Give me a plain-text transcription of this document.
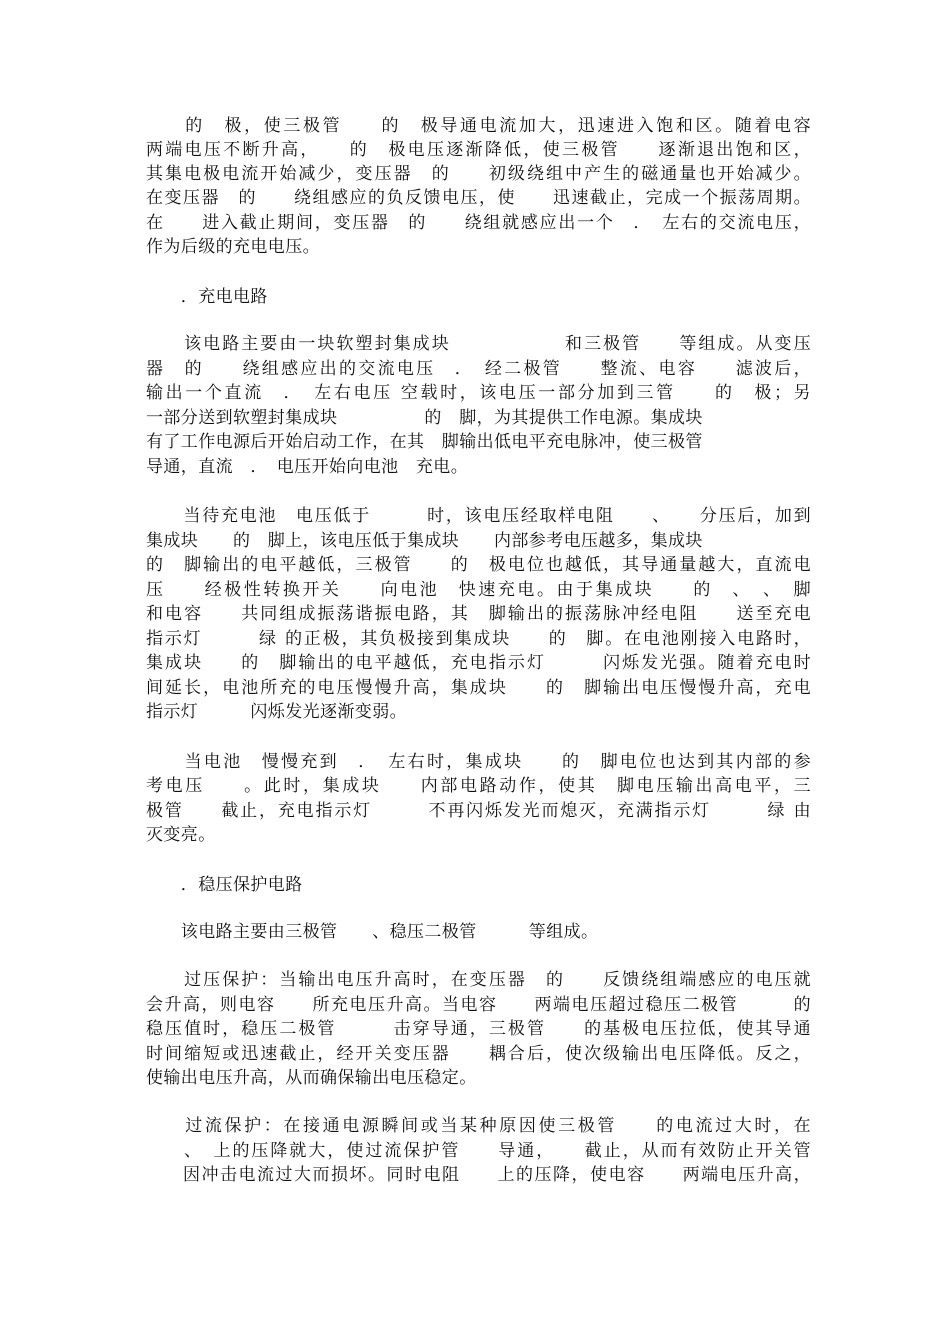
　　的　极，使三极管　　的　极导通电流加大，迅速进入饱和区。随着电容
两端电压不断升高，　　的　极电压逐渐降低，使三极管　　逐渐退出饱和区，
其集电极电流开始减少，变压器　的　　初级绕组中产生的磁通量也开始减少。
在变压器　的　　绕组感应的负反馈电压，使　　迅速截止，完成一个振荡周期。
在　　进入截止期间，变压器　的　　绕组就感应出一个　．　左右的交流电压，
作为后级的充电电压。
　　．充电电路
　　该电路主要由一块软塑封集成块　　　　　　和三极管　　等组成。从变压
器　的　　绕组感应出的交流电压　．　经二极管　　整流、电容　　滤波后，
输出一个直流　．　左右电压 空载时，该电压一部分加到三管　　的　极；另
一部分送到软塑封集成块　　　　　的　脚，为其提供工作电源。集成块
有了工作电源后开始启动工作，在其　脚输出低电平充电脉冲，使三极管
导通，直流　．　电压开始向电池　充电。
　　当待充电池　电压低于　　　时，该电压经取样电阻　　、　　分压后，加到
集成块　　的　脚上，该电压低于集成块　　内部参考电压越多，集成块
的　脚输出的电平越低，三极管　　的　极电位也越低，其导通量越大，直流电
压　　经极性转换开关　　向电池　快速充电。由于集成块　　的　、　、　脚
和电容　　共同组成振荡谐振电路，其　脚输出的振荡脉冲经电阻　　送至充电
指示灯　　　绿 的正极，其负极接到集成块　　的　脚。在电池刚接入电路时，
集成块　　的　脚输出的电平越低，充电指示灯　　　闪烁发光强。随着充电时
间延长，电池所充的电压慢慢升高，集成块　　的　脚输出电压慢慢升高，充电
指示灯　　　闪烁发光逐渐变弱。
　　当电池　慢慢充到　．　左右时，集成块　　的　脚电位也达到其内部的参
考电压　　。此时，集成块　　内部电路动作，使其　脚电压输出高电平，三
极管　　截止，充电指示灯　　　不再闪烁发光而熄灭，充满指示灯　　　绿 由
灭变亮。
　　．稳压保护电路
　　该电路主要由三极管　　、稳压二极管　　　等组成。
　　过压保护：当输出电压升高时，在变压器　的　　反馈绕组端感应的电压就
会升高，则电容　　所充电压升高。当电容　　两端电压超过稳压二极管　　　的
稳压值时，稳压二极管　　　击穿导通，三极管　　的基极电压拉低，使其导通
时间缩短或迅速截止，经开关变压器　　耦合后，使次级输出电压降低。反之，
使输出电压升高，从而确保输出电压稳定。
　　过流保护：在接通电源瞬间或当某种原因使三极管　　的电流过大时，在
　　、　上的压降就大，使过流保护管　　导通，　　截止，从而有效防止开关管
　　因冲击电流过大而损坏。同时电阻　　上的压降，使电容　　两端电压升高，
